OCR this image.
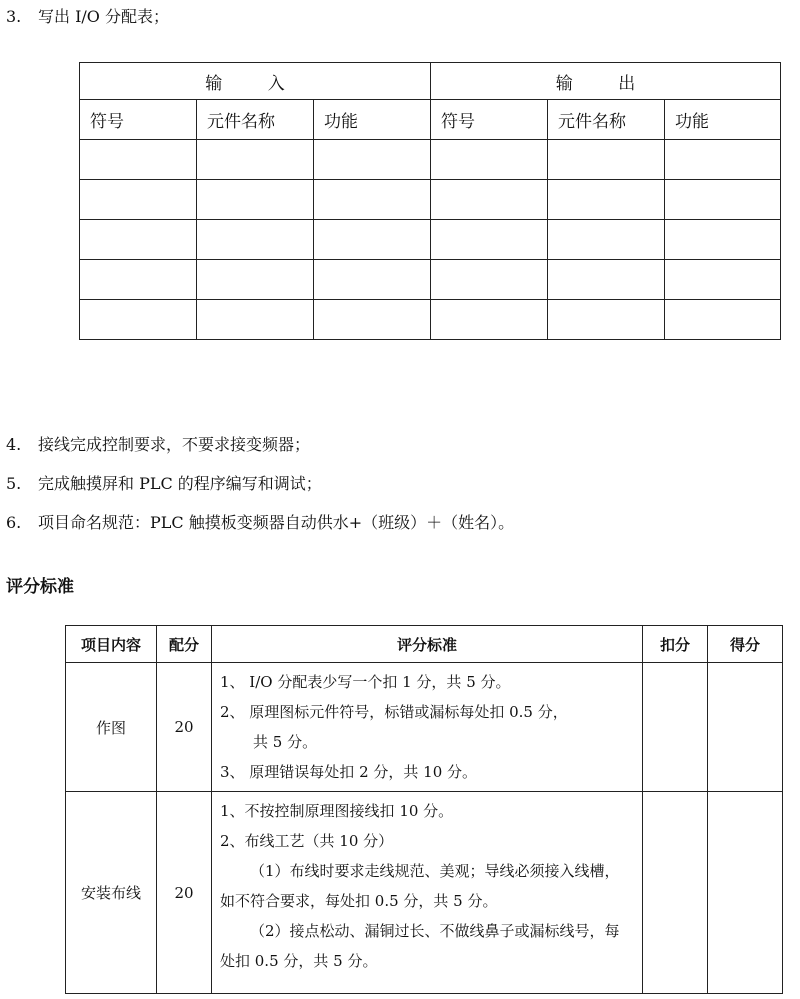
3. 写出 I/O 分配表；
输 入			输 出		
符号	元件名称	功能	符号	元件名称	功能

4. 接线完成控制要求，不要求接变频器；
5. 完成触摸屏和 PLC 的程序编写和调试；
6. 项目命名规范：PLC 触摸板变频器自动供水+（班级）＋（姓名）。
评分标准
项目内容	配分	评分标准	扣分	得分
作图	20	1、 I/O 分配表少写一个扣 1 分，共 5 分。
2、 原理图标元件符号，标错或漏标每处扣 0.5 分，
共 5 分。
3、 原理错误每处扣 2 分，共 10 分。		

安装布线	20	1、不按控制原理图接线扣 10 分。
2、布线工艺（共 10 分）
（1）布线时要求走线规范、美观；导线必须接入线槽，如不符合要求，每处扣 0.5 分，共 5 分。
（2）接点松动、漏铜过长、不做线鼻子或漏标线号，每处扣 0.5 分，共 5 分。		
